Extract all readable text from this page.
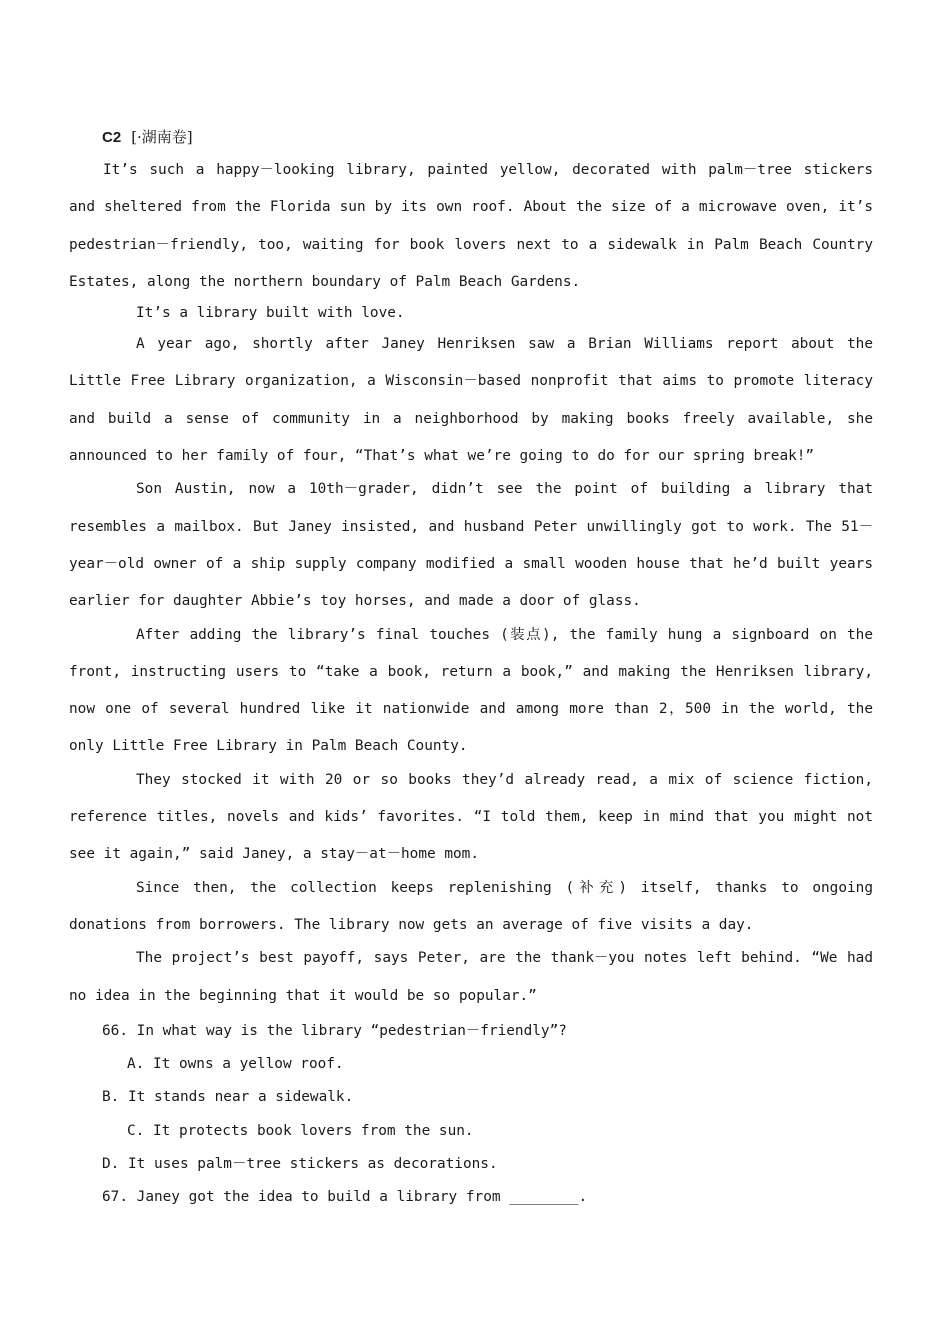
C2 [·湖南卷]

It’s such a happy－looking library, painted yellow, decorated with palm－tree stickers and sheltered from the Florida sun by its own roof. About the size of a microwave oven, it’s pedestrian－friendly, too, waiting for book lovers next to a sidewalk in Palm Beach Country Estates, along the northern boundary of Palm Beach Gardens.

It’s a library built with love.

A year ago, shortly after Janey Henriksen saw a Brian Williams report about the Little Free Library organization, a Wisconsin－based nonprofit that aims to promote literacy and build a sense of community in a neighborhood by making books freely available, she announced to her family of four, “That’s what we’re going to do for our spring break!”

Son Austin, now a 10th－grader, didn’t see the point of building a library that resembles a mailbox. But Janey insisted, and husband Peter unwillingly got to work. The 51－year－old owner of a ship supply company modified a small wooden house that he’d built years earlier for daughter Abbie’s toy horses, and made a door of glass.

After adding the library’s final touches (装点), the family hung a signboard on the front, instructing users to “take a book, return a book,” and making the Henriksen library, now one of several hundred like it nationwide and among more than 2，500 in the world, the only Little Free Library in Palm Beach County.

They stocked it with 20 or so books they’d already read, a mix of science fiction, reference titles, novels and kids’ favorites. “I told them, keep in mind that you might not see it again,” said Janey, a stay－at－home mom.

Since then, the collection keeps replenishing (补充) itself, thanks to ongoing donations from borrowers. The library now gets an average of five visits a day.

The project’s best payoff, says Peter, are the thank－you notes left behind. “We had no idea in the beginning that it would be so popular.”

66. In what way is the library “pedestrian－friendly”?
A. It owns a yellow roof.
B. It stands near a sidewalk.
C. It protects book lovers from the sun.
D. It uses palm－tree stickers as decorations.
67. Janey got the idea to build a library from ________.
